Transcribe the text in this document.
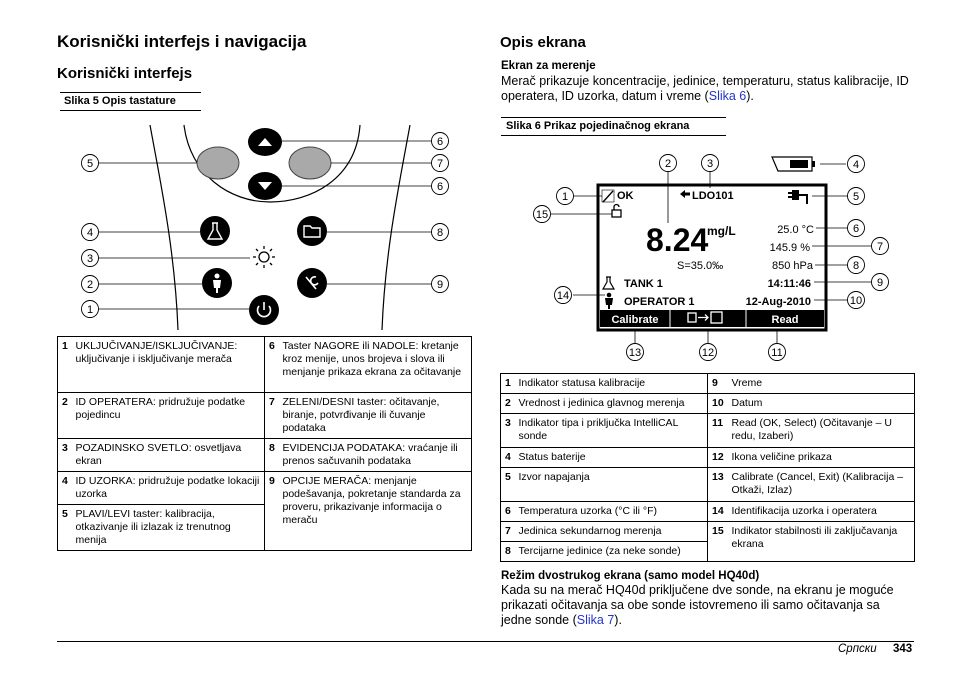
Korisnički interfejs i navigacija
Korisnički interfejs
Slika 5 Opis tastature
5
4
3
2
1
6
7
6
8
9
1	UKLJUČIVANJE/ISKLJUČIVANJE: uključivanje i isključivanje merača	6	Taster NAGORE ili NADOLE: kretanje kroz menije, unos brojeva i slova ili menjanje prikaza ekrana za očitavanje
2	ID OPERATERA: pridružuje podatke pojedincu	7	ZELENI/DESNI taster: očitavanje, biranje, potvrđivanje ili čuvanje podataka
3	POZADINSKO SVETLO: osvetljava ekran	8	EVIDENCIJA PODATAKA: vraćanje ili prenos sačuvanih podataka
4	ID UZORKA: pridružuje podatke lokaciji uzorka	9	OPCIJE MERAČA: menjanje podešavanja, pokretanje standarda za proveru, prikazivanje informacija o meraču
5	PLAVI/LEVI taster: kalibracija, otkazivanje ili izlazak iz trenutnog menija		
Opis ekrana
Ekran za merenje
Merač prikazuje koncentracije, jedinice, temperaturu, status kalibracije, ID operatera, ID uzorka, datum i vreme (Slika 6).
Slika 6 Prikaz pojedinačnog ekrana
OK	LDO101
8.24
mg/L
S=35.0‰
25.0 °C
145.9 %
850 hPa
TANK 1
OPERATOR 1
14:11:46
12-Aug-2010
Calibrate	Read
2	3	4
1	5
15
6
7
8
9
14	10
13	12	11
1	Indikator statusa kalibracije	9	Vreme
2	Vrednost i jedinica glavnog merenja	10	Datum
3	Indikator tipa i priključka IntelliCAL sonde	11	Read (OK, Select) (Očitavanje – U redu, Izaberi)
4	Status baterije	12	Ikona veličine prikaza
5	Izvor napajanja	13	Calibrate (Cancel, Exit) (Kalibracija – Otkaži, Izlaz)
6	Temperatura uzorka (°C ili °F)	14	Identifikacija uzorka i operatera
7	Jedinica sekundarnog merenja	15	Indikator stabilnosti ili zaključavanja ekrana
8	Tercijarne jedinice (za neke sonde)		
Režim dvostrukog ekrana (samo model HQ40d)
Kada su na merač HQ40d priključene dve sonde, na ekranu je moguće prikazati očitavanja sa obe sonde istovremeno ili samo očitavanja sa jedne sonde (Slika 7).
Српски 343
